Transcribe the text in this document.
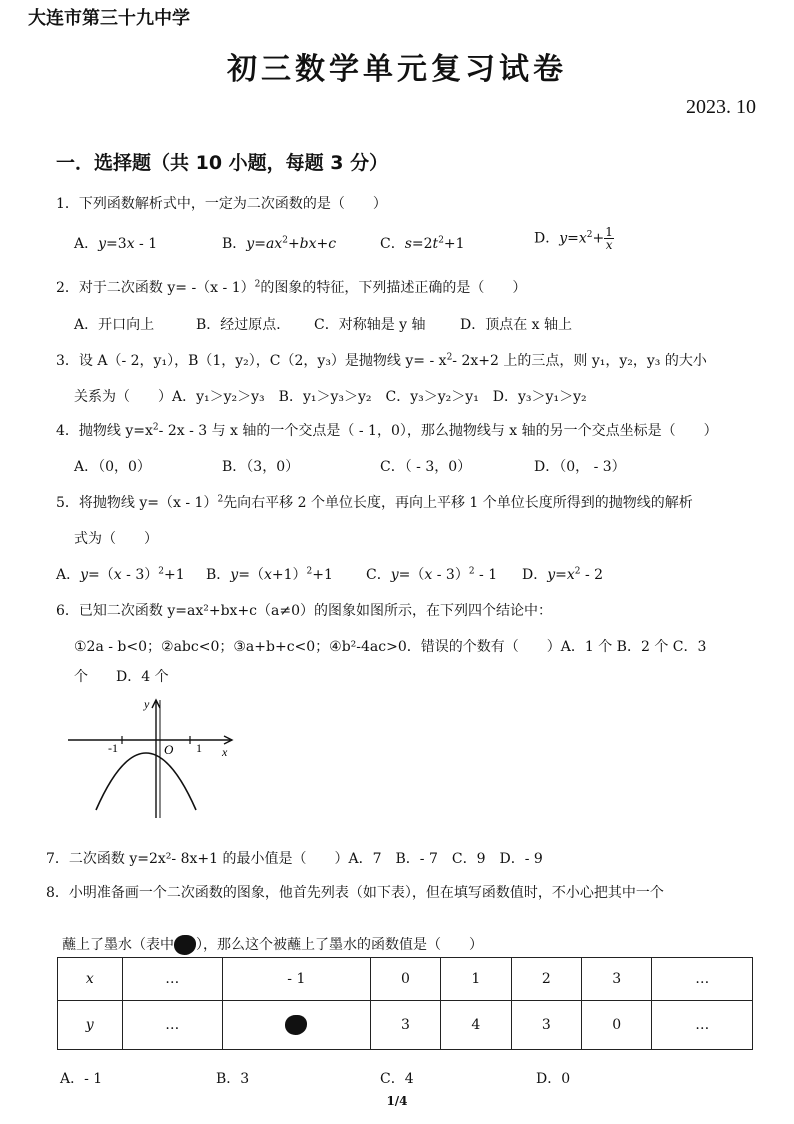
大连市第三十九中学
初三数学单元复习试卷
2023. 10
一．选择题（共 10 小题，每题 3 分）
1．下列函数解析式中，一定为二次函数的是（　　）
A．y=3x - 1	B．$y=ax^2+bx+c$	C．$s=2t^2+1$	D．$y=x^2+ \frac{1}{x}$
2．对于二次函数 y= -（x - 1）$^2$的图象的特征，下列描述正确的是（　　）
A．开口向上	B．经过原点． C．对称轴是 y 轴 D．顶点在 x 轴上
3．设 A（- 2，y₁），B（1，y₂），C（2，y₃）是抛物线 $y= - x^2-$ 2x+2 上的三点，则 y₁，y₂，y₃ 的大小
关系为（　　）A．y₁＞y₂＞y₃　B．y₁＞y₃＞y₂　C．y₃＞y₂＞y₁　D．y₃＞y₁＞y₂
4．抛物线 $y=x^2-$ 2x - 3 与 x 轴的一个交点是（ - 1，0），那么抛物线与 x 轴的另一个交点坐标是（　　）
A．（0，0）	B．（3，0）	C．（ - 3，0）	D．（0， - 3）
5．将抛物线 y=（x - 1）$^2$先向右平移 2 个单位长度，再向上平移 1 个单位长度所得到的抛物线的解析
式为（　　）
A．y=（x - 3）$^2$+1 B．$y=(x+1)^2+1$ C．y=（x - 3）$^2$ - 1 D．$y=x^2 - 2$
6．已知二次函数 y=ax²+bx+c（a≠0）的图象如图所示，在下列四个结论中：
①2a - b<0；②abc<0；③a+b+c<0；④b²-4ac>0．错误的个数有（　　）A．1 个 B．2 个 C．3
个　　D．4 个
y
x
-1	O 1
7．二次函数 y=2x²- 8x+1 的最小值是（　　）A．7　B．- 7　C．9　D．- 9
8．小明准备画一个二次函数的图象，他首先列表（如下表），但在填写函数值时，不小心把其中一个
蘸上了墨水（表中 ），那么这个被蘸上了墨水的函数值是（　　）
x	…	- 1	0	1	2	3	…
y	…		3	4	3	0	…
A．- 1	B．3	C．4	D．0
1/4
